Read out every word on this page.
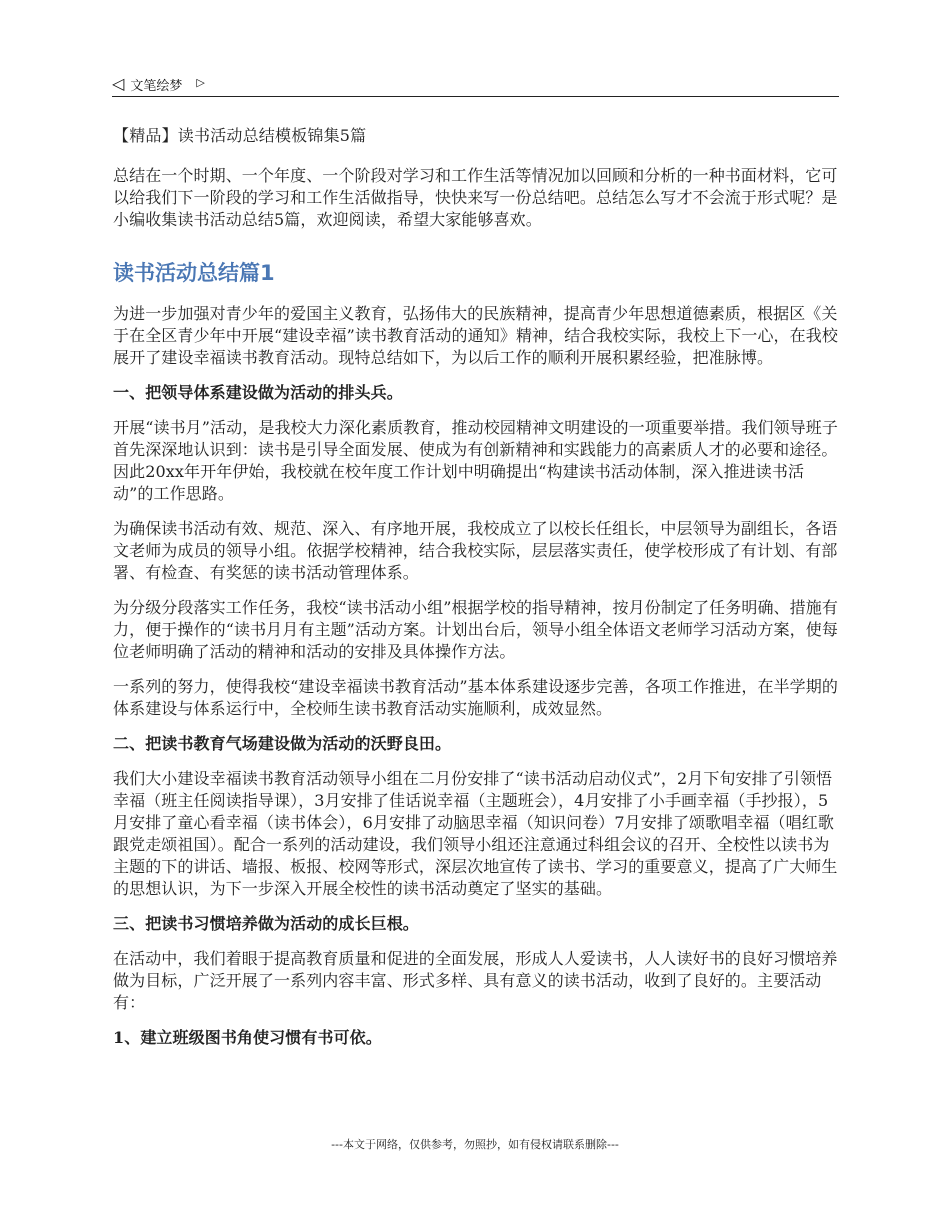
◁ 文笔绘梦 ▷

【精品】读书活动总结模板锦集5篇

总结在一个时期、一个年度、一个阶段对学习和工作生活等情况加以回顾和分析的一种书面材料，它可以给我们下一阶段的学习和工作生活做指导，快快来写一份总结吧。总结怎么写才不会流于形式呢？是小编收集读书活动总结5篇，欢迎阅读，希望大家能够喜欢。

读书活动总结篇1

为进一步加强对青少年的爱国主义教育，弘扬伟大的民族精神，提高青少年思想道德素质，根据区《关于在全区青少年中开展“建设幸福”读书教育活动的通知》精神，结合我校实际，我校上下一心，在我校展开了建设幸福读书教育活动。现特总结如下，为以后工作的顺利开展积累经验，把准脉博。

一、把领导体系建设做为活动的排头兵。

开展“读书月”活动，是我校大力深化素质教育，推动校园精神文明建设的一项重要举措。我们领导班子首先深深地认识到：读书是引导全面发展、使成为有创新精神和实践能力的高素质人才的必要和途径。因此20xx年开年伊始，我校就在校年度工作计划中明确提出“构建读书活动体制，深入推进读书活动”的工作思路。

为确保读书活动有效、规范、深入、有序地开展，我校成立了以校长任组长，中层领导为副组长，各语文老师为成员的领导小组。依据学校精神，结合我校实际，层层落实责任，使学校形成了有计划、有部署、有检查、有奖惩的读书活动管理体系。

为分级分段落实工作任务，我校“读书活动小组”根据学校的指导精神，按月份制定了任务明确、措施有力，便于操作的“读书月月有主题”活动方案。计划出台后，领导小组全体语文老师学习活动方案，使每位老师明确了活动的精神和活动的安排及具体操作方法。

一系列的努力，使得我校“建设幸福读书教育活动”基本体系建设逐步完善，各项工作推进，在半学期的体系建设与体系运行中，全校师生读书教育活动实施顺利，成效显然。

二、把读书教育气场建设做为活动的沃野良田。

我们大小建设幸福读书教育活动领导小组在二月份安排了“读书活动启动仪式”，2月下旬安排了引领悟幸福（班主任阅读指导课），3月安排了佳话说幸福（主题班会），4月安排了小手画幸福（手抄报），5月安排了童心看幸福（读书体会），6月安排了动脑思幸福（知识问卷）7月安排了颂歌唱幸福（唱红歌跟党走颂祖国）。配合一系列的活动建设，我们领导小组还注意通过科组会议的召开、全校性以读书为主题的下的讲话、墙报、板报、校网等形式，深层次地宣传了读书、学习的重要意义，提高了广大师生的思想认识，为下一步深入开展全校性的读书活动奠定了坚实的基础。

三、把读书习惯培养做为活动的成长巨根。

在活动中，我们着眼于提高教育质量和促进的全面发展，形成人人爱读书，人人读好书的良好习惯培养做为目标，广泛开展了一系列内容丰富、形式多样、具有意义的读书活动，收到了良好的。主要活动有：

1、建立班级图书角使习惯有书可依。

---本文于网络，仅供参考，勿照抄，如有侵权请联系删除---
